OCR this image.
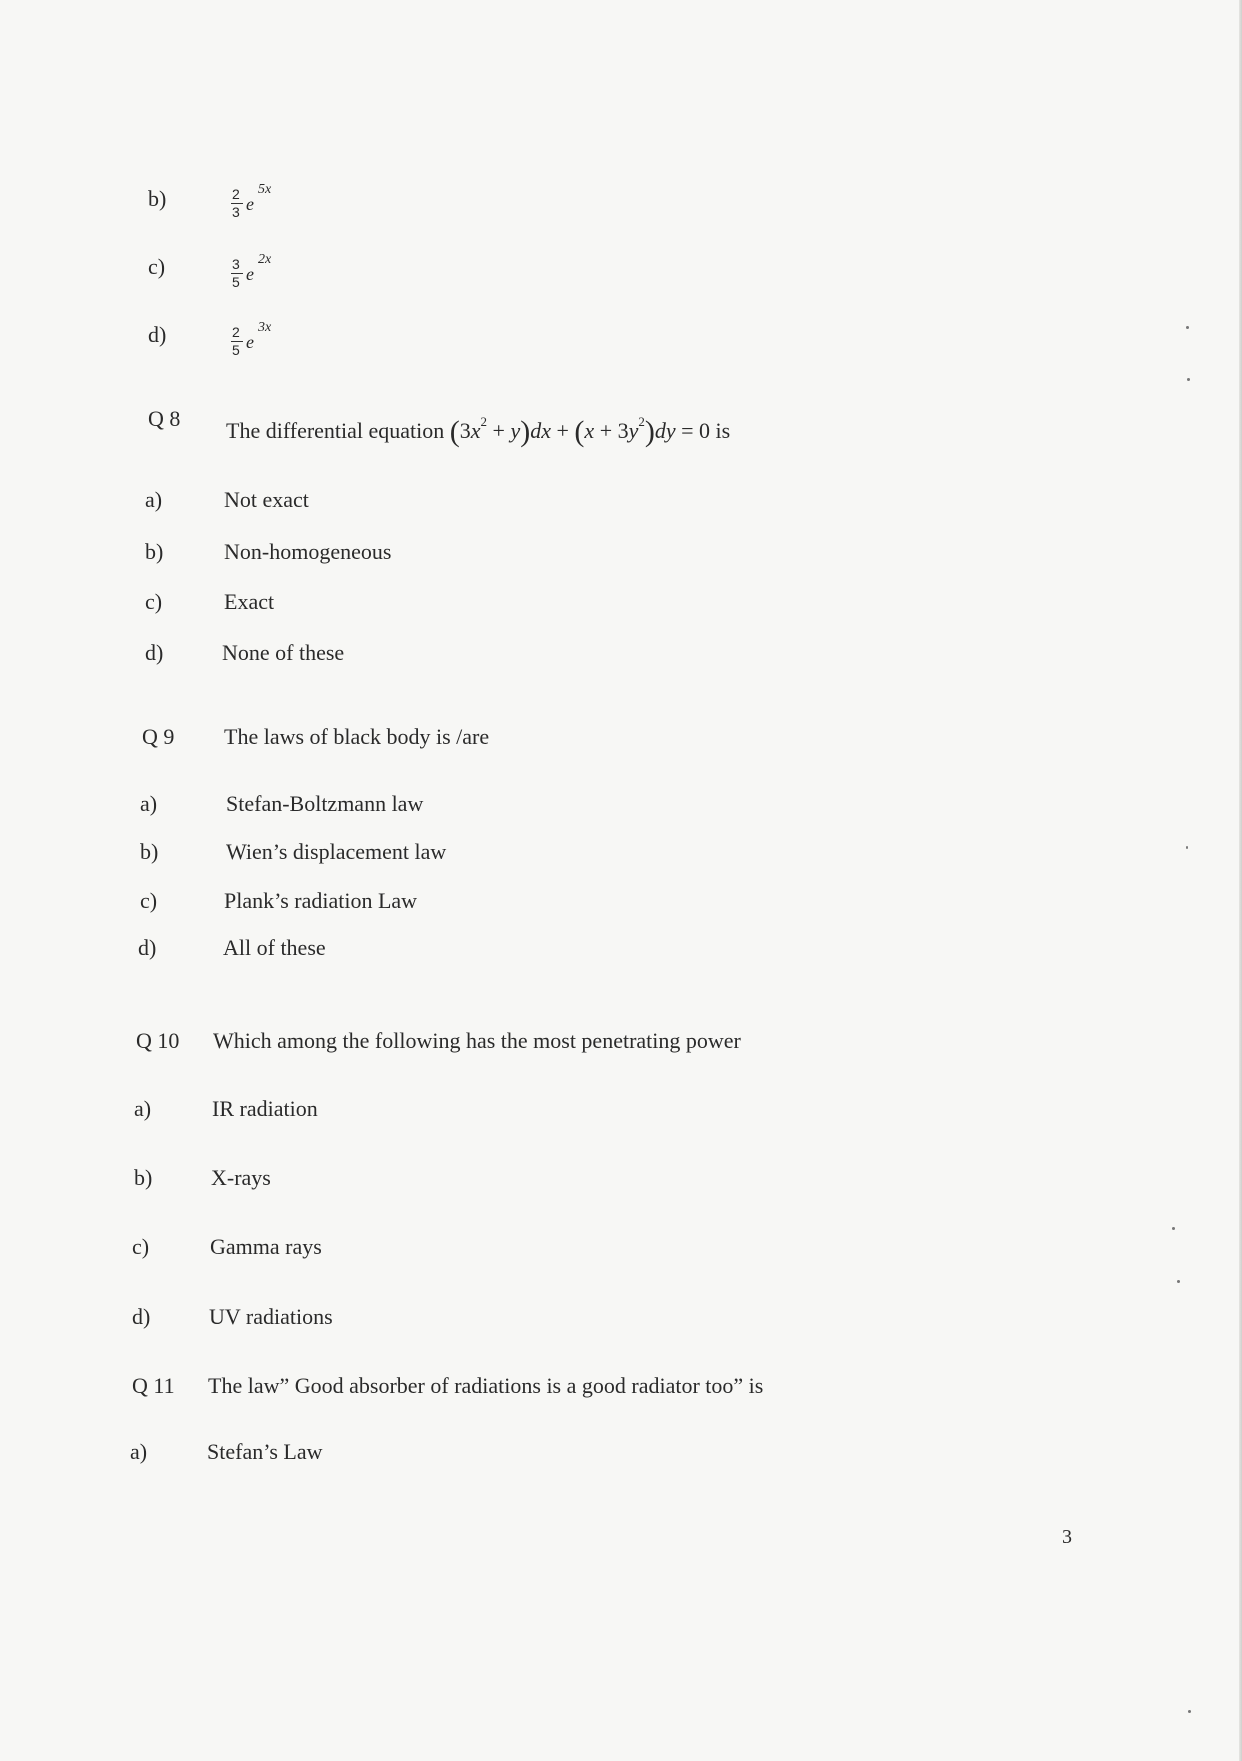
b)	2
3 e
5x
c)	3
5 e
2x
d)	2
5 e
3x
Q 8 The differential equation $(3x^2 + y)dx + (x + 3y^2)dy = 0$ is
a)	Not exact
b)	Non-homogeneous
c)	Exact
d)	None of these
Q 9 The laws of black body is /are
a)	Stefan-Boltzmann law
b)	Wien’s displacement law
c)	Plank’s radiation Law
d)	All of these
Q 10 Which among the following has the most penetrating power
a)	IR radiation
b)	X-rays
c)	Gamma rays
d)	UV radiations
Q 11 The law” Good absorber of radiations is a good radiator too” is
a)	Stefan’s Law
3
